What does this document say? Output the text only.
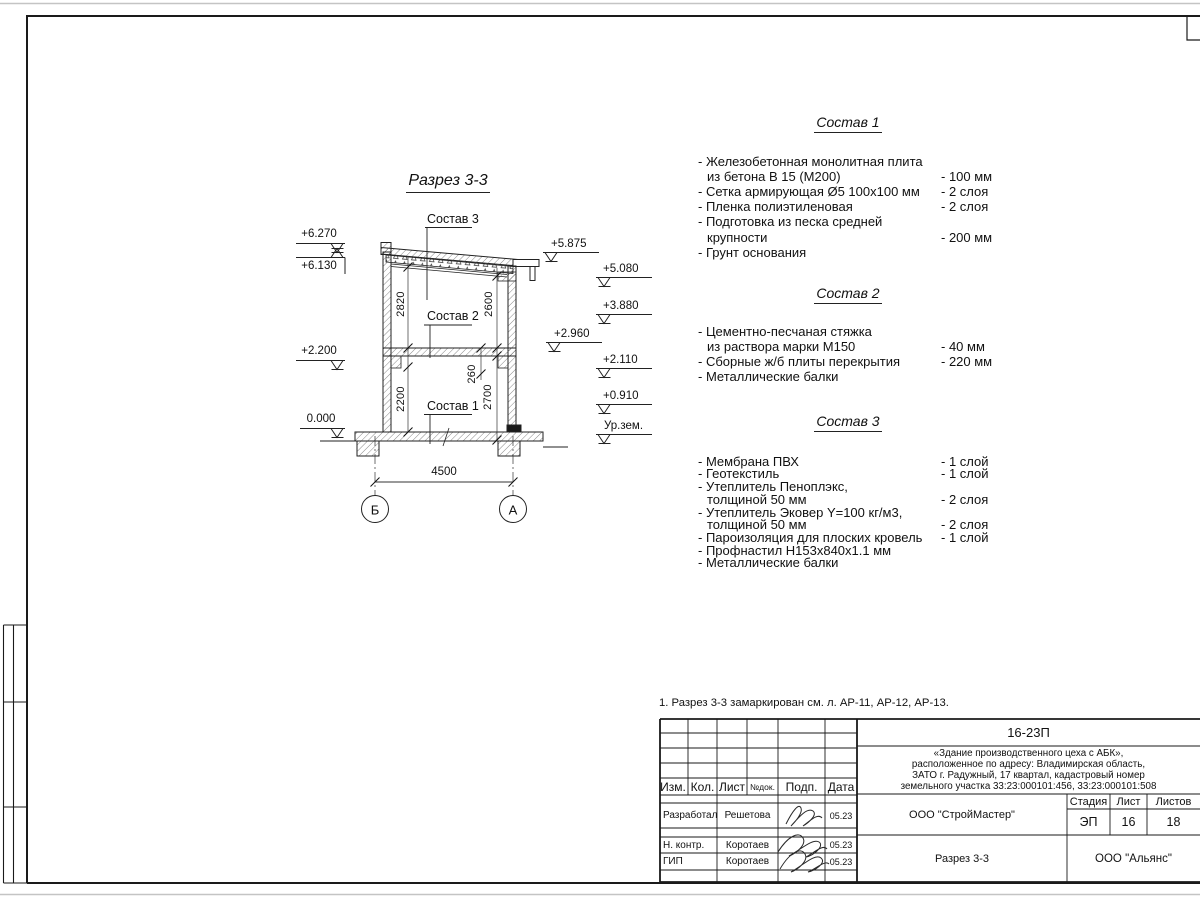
Разрез 3-3
Состав 3
Состав 2
Состав 1
+6.270
+6.130
+2.200
0.000
+5.875
+5.080
+3.880
+2.960
+2.110
+0.910
Ур.зем.
2820	2600
260
2700
2200
4500
Б	А
Состав 1
- Железобетонная монолитная плита
из бетона В 15 (М200)	- 100 мм
- Сетка армирующая Ø5 100x100 мм - 2 слоя
- Пленка полиэтиленовая	- 2 слоя
- Подготовка из песка средней
крупности	- 200 мм
- Грунт основания
Состав 2
- Цементно-песчаная стяжка
из раствора марки М150	- 40 мм
- Сборные ж/б плиты перекрытия	- 220 мм
- Металлические балки
Состав 3
- Мембрана ПВХ	- 1 слой
- Геотекстиль	- 1 слой
- Утеплитель Пеноплэкс,
толщиной 50 мм	- 2 слоя
- Утеплитель Эковер Y=100 кг/м3,
толщиной 50 мм	- 2 слоя
- Пароизоляция для плоских кровель - 1 слой
- Профнастил Н153х840х1.1 мм
- Металлические балки
1. Разрез 3-3 замаркирован см. л. АР-11, АР-12, АР-13.
16-23П
«Здание производственного цеха с АБК»,
расположенное по адресу: Владимирская область,
ЗАТО г. Радужный, 17 квартал, кадастровый номер
земельного участка 33:23:000101:456, 33:23:000101:508
Изм. Кол. Лист №док. Подп. Дата
Разработал Решетова	05.23
Н. контр.	Коротаев	05.23
ГИП	Коротаев	05.23
ООО "СтройМастер"
Стадия Лист	Листов
ЭП	16	18
Разрез 3-3	ООО "Альянс"
